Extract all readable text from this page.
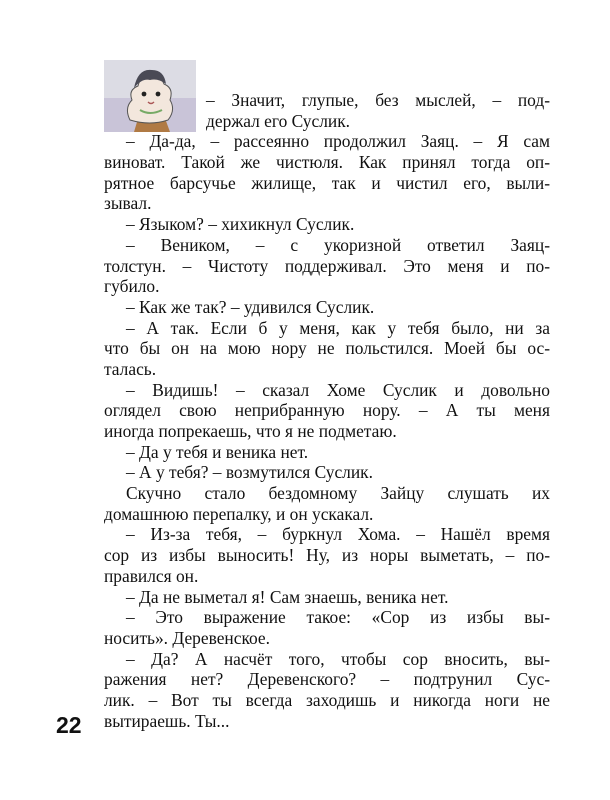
– Значит, глупые, без мыслей, – под-
держал его Суслик.
– Да-да, – рассеянно продолжил Заяц. – Я сам
виноват. Такой же чистюля. Как принял тогда оп-
рятное барсучье жилище, так и чистил его, выли-
зывал.
– Языком? – хихикнул Суслик.
– Веником, – с укоризной ответил Заяц-
толстун. – Чистоту поддерживал. Это меня и по-
губило.
– Как же так? – удивился Суслик.
– А так. Если б у меня, как у тебя было, ни за
что бы он на мою нору не польстился. Моей бы ос-
талась.
– Видишь! – сказал Хоме Суслик и довольно
оглядел свою неприбранную нору. – А ты меня
иногда попрекаешь, что я не подметаю.
– Да у тебя и веника нет.
– А у тебя? – возмутился Суслик.
Скучно стало бездомному Зайцу слушать их
домашнюю перепалку, и он ускакал.
– Из-за тебя, – буркнул Хома. – Нашёл время
сор из избы выносить! Ну, из норы выметать, – по-
правился он.
– Да не выметал я! Сам знаешь, веника нет.
– Это выражение такое: «Сор из избы вы-
носить». Деревенское.
– Да? А насчёт того, чтобы сор вносить, вы-
ражения нет? Деревенского? – подтрунил Сус-
лик. – Вот ты всегда заходишь и никогда ноги не
вытираешь. Ты...
22
